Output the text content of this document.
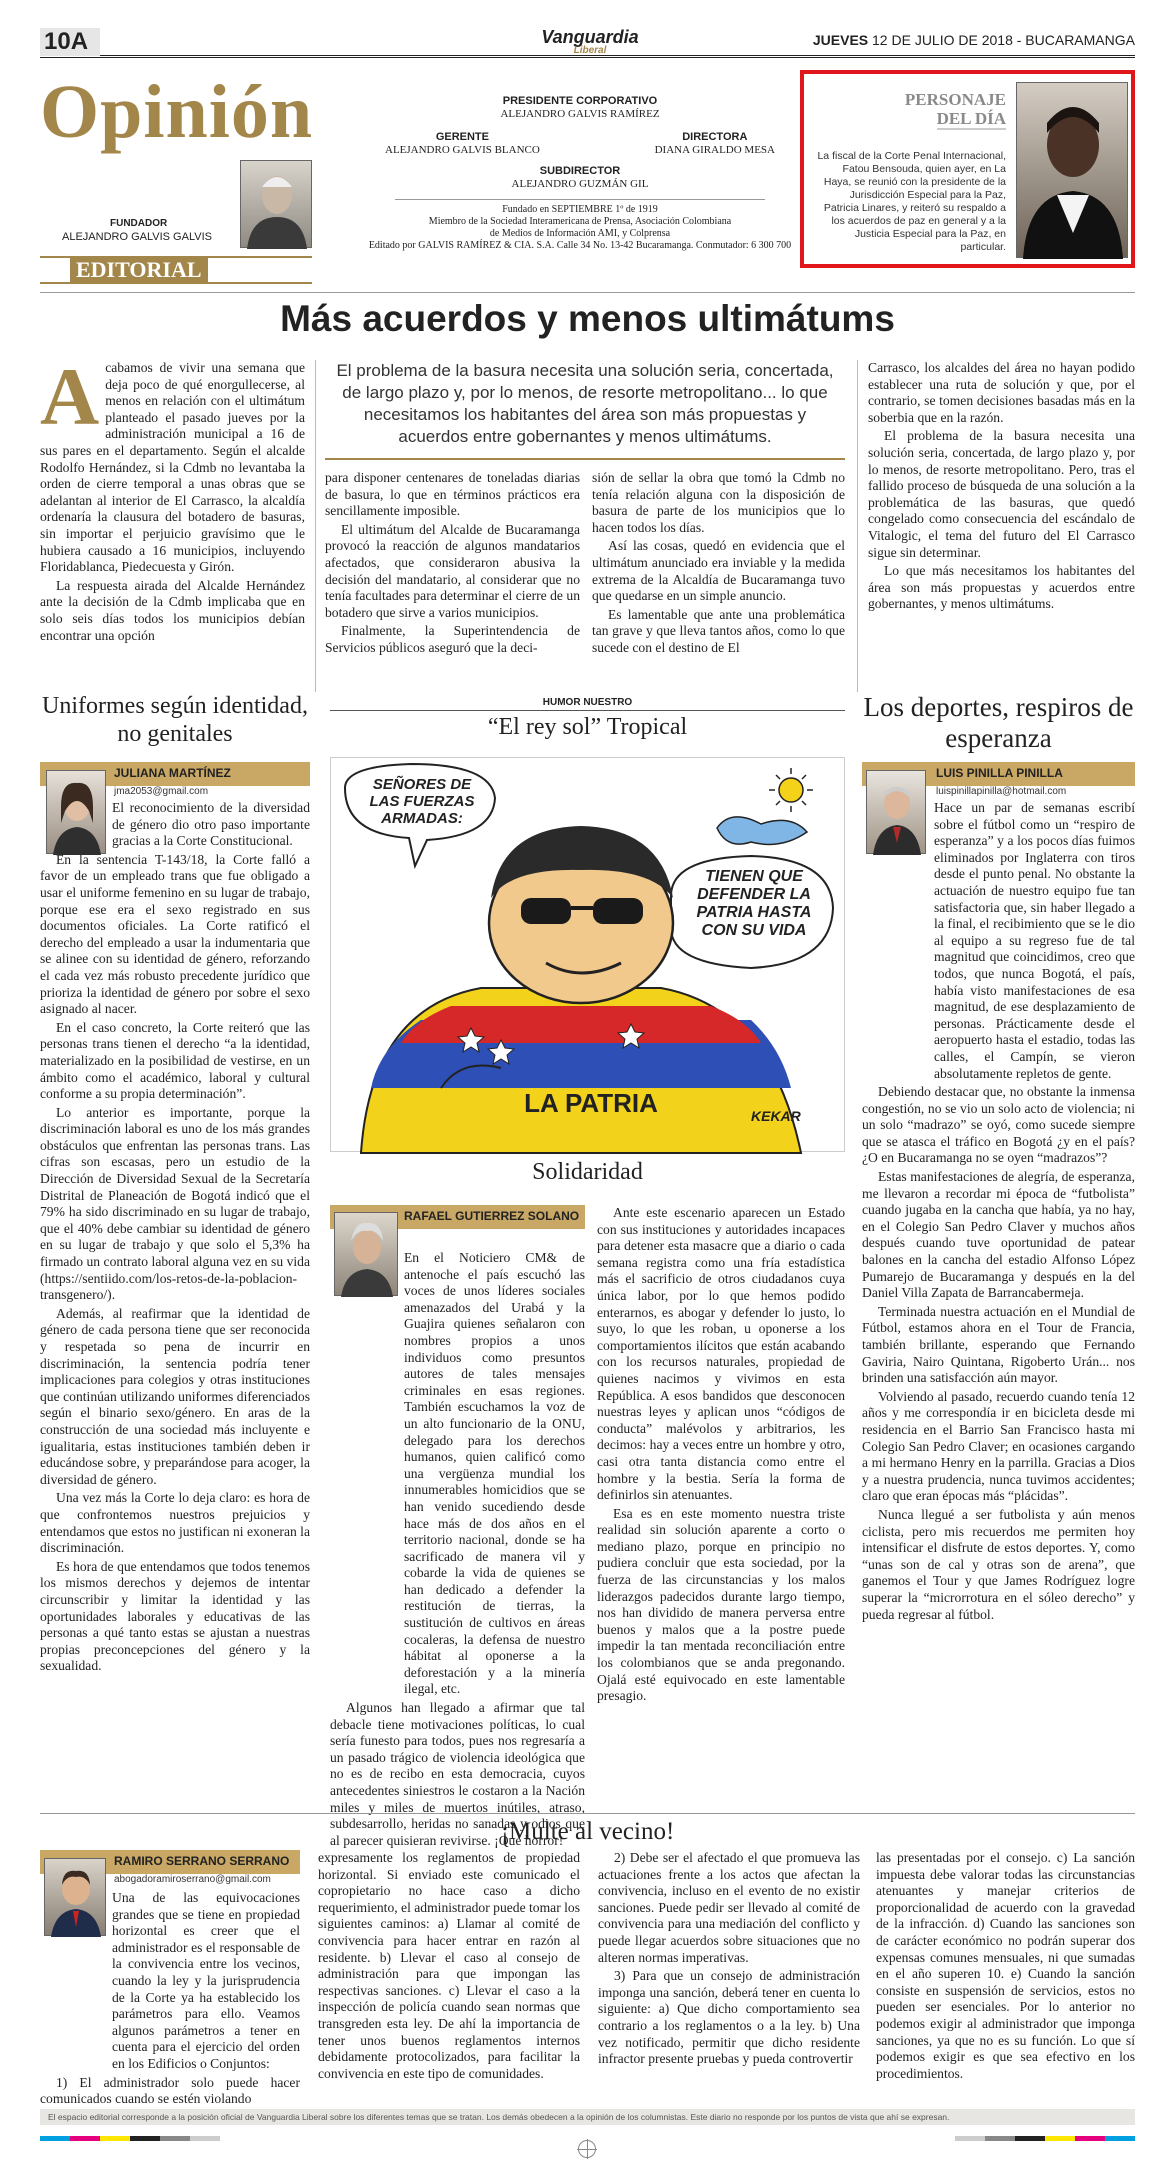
10A	Vanguardia
Liberal
JUEVES 12 DE JULIO DE 2018 - BUCARAMANGA
Opinión
FUNDADOR
ALEJANDRO GALVIS GALVIS
EDITORIAL
PRESIDENTE CORPORATIVO
ALEJANDRO GALVIS RAMÍREZ
GERENTE
ALEJANDRO GALVIS BLANCO
DIRECTORA
DIANA GIRALDO MESA
SUBDIRECTOR
ALEJANDRO GUZMÁN GIL
Fundado en SEPTIEMBRE 1º de 1919
Miembro de la Sociedad Interamericana de Prensa, Asociación Colombiana
de Medios de Información AMI, y Colprensa
Editado por GALVIS RAMÍREZ & CIA. S.A. Calle 34 No. 13-42 Bucaramanga. Conmutador: 6 300 700
PERSONAJE
DEL DÍA
La fiscal de la Corte Penal Internacional, Fatou Bensouda, quien ayer, en La Haya, se reunió con la presidente de la Jurisdicción Especial para la Paz, Patricia Linares, y reiteró su respaldo a los acuerdos de paz en general y a la Justicia Especial para la Paz, en particular.
Más acuerdos y menos ultimátums
A cabamos de vivir una semana que deja poco de qué enorgullecerse, al menos en relación con el ultimátum planteado el pasado jueves por la administración municipal a 16 de sus pares en el departamento. Según el alcalde Rodolfo Hernández, si la Cdmb no levantaba la orden de cierre temporal a unas obras que se adelantan al interior de El Carrasco, la alcaldía ordenaría la clausura del botadero de basuras, sin importar el perjuicio gravísimo que le hubiera causado a 16 municipios, incluyendo Floridablanca, Piedecuesta y Girón.

La respuesta airada del Alcalde Hernández ante la decisión de la Cdmb implicaba que en solo seis días todos los municipios debían encontrar una opción

El problema de la basura necesita una solución seria, concertada, de largo plazo y, por lo menos, de resorte metropolitano... lo que necesitamos los habitantes del área son más propuestas y acuerdos entre gobernantes y menos ultimátums.

para disponer centenares de toneladas diarias de basura, lo que en términos prácticos era sencillamente imposible.

El ultimátum del Alcalde de Bucaramanga provocó la reacción de algunos mandatarios afectados, que consideraron abusiva la decisión del mandatario, al considerar que no tenía facultades para determinar el cierre de un botadero que sirve a varios municipios.

Finalmente, la Superintendencia de Servicios públicos aseguró que la deci-

sión de sellar la obra que tomó la Cdmb no tenía relación alguna con la disposición de basura de parte de los municipios que lo hacen todos los días.

Así las cosas, quedó en evidencia que el ultimátum anunciado era inviable y la medida extrema de la Alcaldía de Bucaramanga tuvo que quedarse en un simple anuncio.

Es lamentable que ante una problemática tan grave y que lleva tantos años, como lo que sucede con el destino de El

Carrasco, los alcaldes del área no hayan podido establecer una ruta de solución y que, por el contrario, se tomen decisiones basadas más en la soberbia que en la razón.

El problema de la basura necesita una solución seria, concertada, de largo plazo y, por lo menos, de resorte metropolitano. Pero, tras el fallido proceso de búsqueda de una solución a la problemática de las basuras, que quedó congelado como consecuencia del escándalo de Vitalogic, el tema del futuro del El Carrasco sigue sin determinar.

Lo que más necesitamos los habitantes del área son más propuestas y acuerdos entre gobernantes, y menos ultimátums.

Uniformes según identidad, no genitales
JULIANA MARTÍNEZ
jma2053@gmail.com

El reconocimiento de la diversidad de género dio otro paso importante gracias a la Corte Constitucional.

En la sentencia T-143/18, la Corte falló a favor de un empleado trans que fue obligado a usar el uniforme femenino en su lugar de trabajo, porque ese era el sexo registrado en sus documentos oficiales. La Corte ratificó el derecho del empleado a usar la indumentaria que se alinee con su identidad de género, reforzando el cada vez más robusto precedente jurídico que prioriza la identidad de género por sobre el sexo asignado al nacer.

En el caso concreto, la Corte reiteró que las personas trans tienen el derecho “a la identidad, materializado en la posibilidad de vestirse, en un ámbito como el académico, laboral y cultural conforme a su propia determinación”.

Lo anterior es importante, porque la discriminación laboral es uno de los más grandes obstáculos que enfrentan las personas trans. Las cifras son escasas, pero un estudio de la Dirección de Diversidad Sexual de la Secretaría Distrital de Planeación de Bogotá indicó que el 79% ha sido discriminado en su lugar de trabajo, que el 40% debe cambiar su identidad de género en su lugar de trabajo y que solo el 5,3% ha firmado un contrato laboral alguna vez en su vida (https://sentiido.com/los-retos-de-la-poblacion-transgenero/).

Además, al reafirmar que la identidad de género de cada persona tiene que ser reconocida y respetada so pena de incurrir en discriminación, la sentencia podría tener implicaciones para colegios y otras instituciones que continúan utilizando uniformes diferenciados según el binario sexo/género. En aras de la construcción de una sociedad más incluyente e igualitaria, estas instituciones también deben ir educándose sobre, y preparándose para acoger, la diversidad de género.

Una vez más la Corte lo deja claro: es hora de que confrontemos nuestros prejuicios y entendamos que estos no justifican ni exoneran la discriminación.

Es hora de que entendamos que todos tenemos los mismos derechos y dejemos de intentar circunscribir y limitar la identidad y las oportunidades laborales y educativas de las personas a qué tanto estas se ajustan a nuestras propias preconcepciones del género y la sexualidad.

HUMOR NUESTRO
“El rey sol” Tropical
SEÑORES DE LAS FUERZAS ARMADAS:
TIENEN QUE DEFENDER LA PATRIA HASTA CON SU VIDA
LA PATRIA	KEKAR
Solidaridad
RAFAEL GUTIERREZ SOLANO

En el Noticiero CM& de antenoche el país escuchó las voces de unos líderes sociales amenazados del Urabá y la Guajira quienes señalaron con nombres propios a unos individuos como presuntos autores de tales mensajes criminales en esas regiones. También escuchamos la voz de un alto funcionario de la ONU, delegado para los derechos humanos, quien calificó como una vergüenza mundial los innumerables homicidios que se han venido sucediendo desde hace más de dos años en el territorio nacional, donde se ha sacrificado de manera vil y cobarde la vida de quienes se han dedicado a defender la restitución de tierras, la sustitución de cultivos en áreas cocaleras, la defensa de nuestro hábitat al oponerse a la deforestación y a la minería ilegal, etc.

Algunos han llegado a afirmar que tal debacle tiene motivaciones políticas, lo cual sería funesto para todos, pues nos regresaría a un pasado trágico de violencia ideológica que no es de recibo en esta democracia, cuyos antecedentes siniestros le costaron a la Nación miles y miles de muertos inútiles, atraso, subdesarrollo, heridas no sanadas y odios que al parecer quisieran revivirse. ¡Qué horror!

Ante este escenario aparecen un Estado con sus instituciones y autoridades incapaces para detener esta masacre que a diario o cada semana registra como una fría estadística más el sacrificio de otros ciudadanos cuya única labor, por lo que hemos podido enterarnos, es abogar y defender lo justo, lo suyo, lo que les roban, u oponerse a los comportamientos ilícitos que están acabando con los recursos naturales, propiedad de quienes nacimos y vivimos en esta República. A esos bandidos que desconocen nuestras leyes y aplican unos “códigos de conducta” malévolos y arbitrarios, les decimos: hay a veces entre un hombre y otro, casi otra tanta distancia como entre el hombre y la bestia. Sería la forma de definirlos sin atenuantes.

Esa es en este momento nuestra triste realidad sin solución aparente a corto o mediano plazo, porque en principio no pudiera concluir que esta sociedad, por la fuerza de las circunstancias y los malos liderazgos padecidos durante largo tiempo, nos han dividido de manera perversa entre buenos y malos que a la postre puede impedir la tan mentada reconciliación entre los colombianos que se anda pregonando. Ojalá esté equivocado en este lamentable presagio.

Los deportes, respiros de esperanza
LUIS PINILLA PINILLA
luispinillapinilla@hotmail.com

Hace un par de semanas escribí sobre el fútbol como un “respiro de esperanza” y a los pocos días fuimos eliminados por Inglaterra con tiros desde el punto penal. No obstante la actuación de nuestro equipo fue tan satisfactoria que, sin haber llegado a la final, el recibimiento que se le dio al equipo a su regreso fue de tal magnitud que coincidimos, creo que todos, que nunca Bogotá, el país, había visto manifestaciones de esa magnitud, de ese desplazamiento de personas. Prácticamente desde el aeropuerto hasta el estadio, todas las calles, el Campín, se vieron absolutamente repletos de gente.

Debiendo destacar que, no obstante la inmensa congestión, no se vio un solo acto de violencia; ni un solo “madrazo” se oyó, como sucede siempre que se atasca el tráfico en Bogotá ¿y en el país? ¿O en Bucaramanga no se oyen “madrazos”?

Estas manifestaciones de alegría, de esperanza, me llevaron a recordar mi época de “futbolista” cuando jugaba en la cancha que había, ya no hay, en el Colegio San Pedro Claver y muchos años después cuando tuve oportunidad de patear balones en la cancha del estadio Alfonso López Pumarejo de Bucaramanga y después en la del Daniel Villa Zapata de Barrancabermeja.

Terminada nuestra actuación en el Mundial de Fútbol, estamos ahora en el Tour de Francia, también brillante, esperando que Fernando Gaviria, Nairo Quintana, Rigoberto Urán... nos brinden una satisfacción aún mayor.

Volviendo al pasado, recuerdo cuando tenía 12 años y me correspondía ir en bicicleta desde mi residencia en el Barrio San Francisco hasta mi Colegio San Pedro Claver; en ocasiones cargando a mi hermano Henry en la parrilla. Gracias a Dios y a nuestra prudencia, nunca tuvimos accidentes; claro que eran épocas más “plácidas”.

Nunca llegué a ser futbolista y aún menos ciclista, pero mis recuerdos me permiten hoy intensificar el disfrute de estos deportes. Y, como “unas son de cal y otras son de arena”, que ganemos el Tour y que James Rodríguez logre superar la “microrrotura en el sóleo derecho” y pueda regresar al fútbol.

¡Multe al vecino!
RAMIRO SERRANO SERRANO
abogadoramiroserrano@gmail.com

Una de las equivocaciones grandes que se tiene en propiedad horizontal es creer que el administrador es el responsable de la convivencia entre los vecinos, cuando la ley y la jurisprudencia de la Corte ya ha establecido los parámetros para ello. Veamos algunos parámetros a tener en cuenta para el ejercicio del orden en los Edificios o Conjuntos:

1) El administrador solo puede hacer comunicados cuando se estén violando

expresamente los reglamentos de propiedad horizontal. Si enviado este comunicado el copropietario no hace caso a dicho requerimiento, el administrador puede tomar los siguientes caminos: a) Llamar al comité de convivencia para hacer entrar en razón al residente. b) Llevar el caso al consejo de administración para que impongan las respectivas sanciones. c) Llevar el caso a la inspección de policía cuando sean normas que transgreden esta ley. De ahí la importancia de tener unos buenos reglamentos internos debidamente protocolizados, para facilitar la convivencia en este tipo de comunidades.

2) Debe ser el afectado el que promueva las actuaciones frente a los actos que afectan la convivencia, incluso en el evento de no existir sanciones. Puede pedir ser llevado al comité de convivencia para una mediación del conflicto y puede llegar acuerdos sobre situaciones que no alteren normas imperativas.

3) Para que un consejo de administración imponga una sanción, deberá tener en cuenta lo siguiente: a) Que dicho comportamiento sea contrario a los reglamentos o a la ley. b) Una vez notificado, permitir que dicho residente infractor presente pruebas y pueda controvertir

las presentadas por el consejo. c) La sanción impuesta debe valorar todas las circunstancias atenuantes y manejar criterios de proporcionalidad de acuerdo con la gravedad de la infracción. d) Cuando las sanciones son de carácter económico no podrán superar dos expensas comunes mensuales, ni que sumadas en el año superen 10. e) Cuando la sanción consiste en suspensión de servicios, estos no pueden ser esenciales. Por lo anterior no podemos exigir al administrador que imponga sanciones, ya que no es su función. Lo que sí podemos exigir es que sea efectivo en los procedimientos.

El espacio editorial corresponde a la posición oficial de Vanguardia Liberal sobre los diferentes temas que se tratan. Los demás obedecen a la opinión de los columnistas. Este diario no responde por los puntos de vista que ahí se expresan.
